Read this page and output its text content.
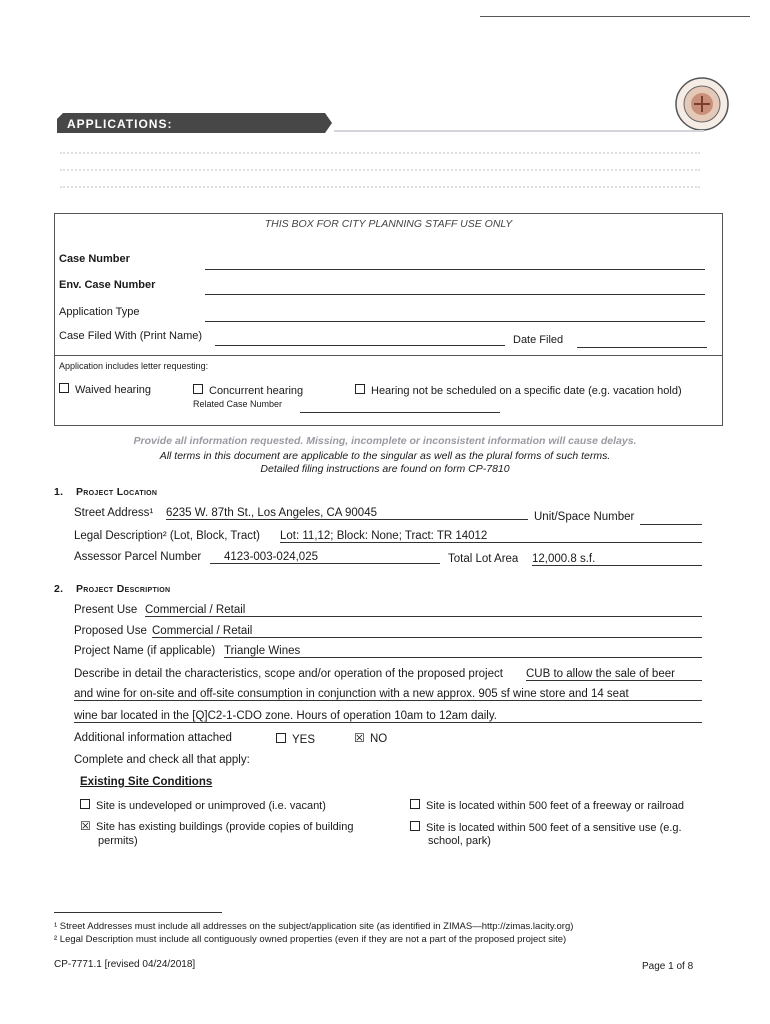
APPLICATIONS:
THIS BOX FOR CITY PLANNING STAFF USE ONLY
Case Number
Env. Case Number
Application Type
Case Filed With (Print Name)	Date Filed
Application includes letter requesting:
Waived hearing	Concurrent hearing
Related Case Number
Hearing not be scheduled on a specific date (e.g. vacation hold)
Provide all information requested. Missing, incomplete or inconsistent information will cause delays.
All terms in this document are applicable to the singular as well as the plural forms of such terms.
Detailed filing instructions are found on form CP-7810
1. Project Location
Street Address¹ 6235 W. 87th St., Los Angeles, CA 90045	Unit/Space Number
Legal Description² (Lot, Block, Tract) Lot: 11,12; Block: None; Tract: TR 14012
Assessor Parcel Number	4123-003-024,025	Total Lot Area 12,000.8 s.f.
2. Project Description
Present Use Commercial / Retail
Proposed Use Commercial / Retail
Project Name (if applicable) Triangle Wines
Describe in detail the characteristics, scope and/or operation of the proposed project CUB to allow the sale of beer
and wine for on-site and off-site consumption in conjunction with a new approx. 905 sf wine store and 14 seat
wine bar located in the [Q]C2-1-CDO zone. Hours of operation 10am to 12am daily.
Additional information attached	YES	☒ NO
Complete and check all that apply:
Existing Site Conditions
Site is undeveloped or unimproved (i.e. vacant)	Site is located within 500 feet of a freeway or railroad
☒ Site has existing buildings (provide copies of building
permits)
Site is located within 500 feet of a sensitive use (e.g.
school, park)
¹ Street Addresses must include all addresses on the subject/application site (as identified in ZIMAS—http://zimas.lacity.org)
² Legal Description must include all contiguously owned properties (even if they are not a part of the proposed project site)
CP-7771.1 [revised 04/24/2018]	Page 1 of 8
